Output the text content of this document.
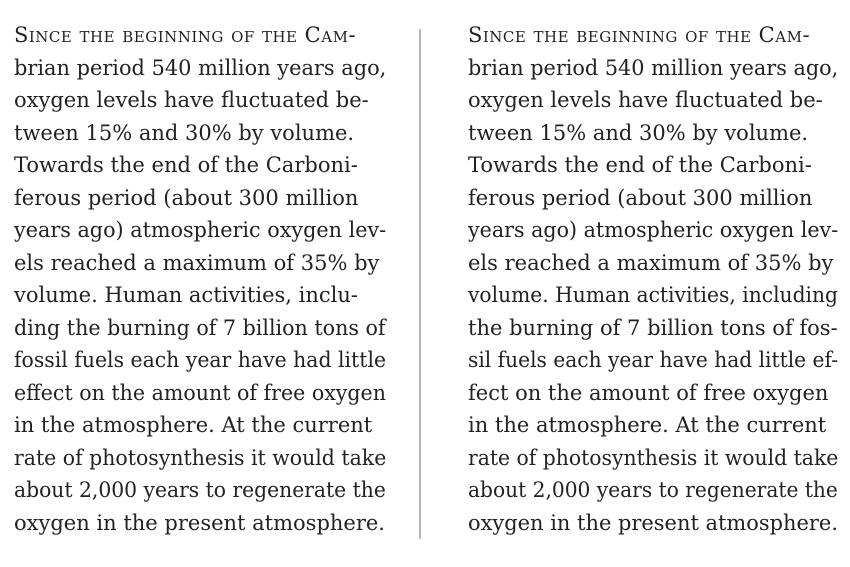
Since the beginning of the Cam-
brian period 540 million years ago,
oxygen levels have fluctuated be-
tween 15% and 30% by volume.
Towards the end of the Carboni-
ferous period (about 300 million
years ago) atmospheric oxygen lev-
els reached a maximum of 35% by
volume. Human activities, inclu-
ding the burning of 7 billion tons of
fossil fuels each year have had little
effect on the amount of free oxygen
in the atmosphere. At the current
rate of photosynthesis it would take
about 2,000 years to regenerate the
oxygen in the present atmosphere.
Since the beginning of the Cam-
brian period 540 million years ago,
oxygen levels have fluctuated be-
tween 15% and 30% by volume.
Towards the end of the Carboni-
ferous period (about 300 million
years ago) atmospheric oxygen lev-
els reached a maximum of 35% by
volume. Human activities, including
the burning of 7 billion tons of fos-
sil fuels each year have had little ef-
fect on the amount of free oxygen
in the atmosphere. At the current
rate of photosynthesis it would take
about 2,000 years to regenerate the
oxygen in the present atmosphere.
